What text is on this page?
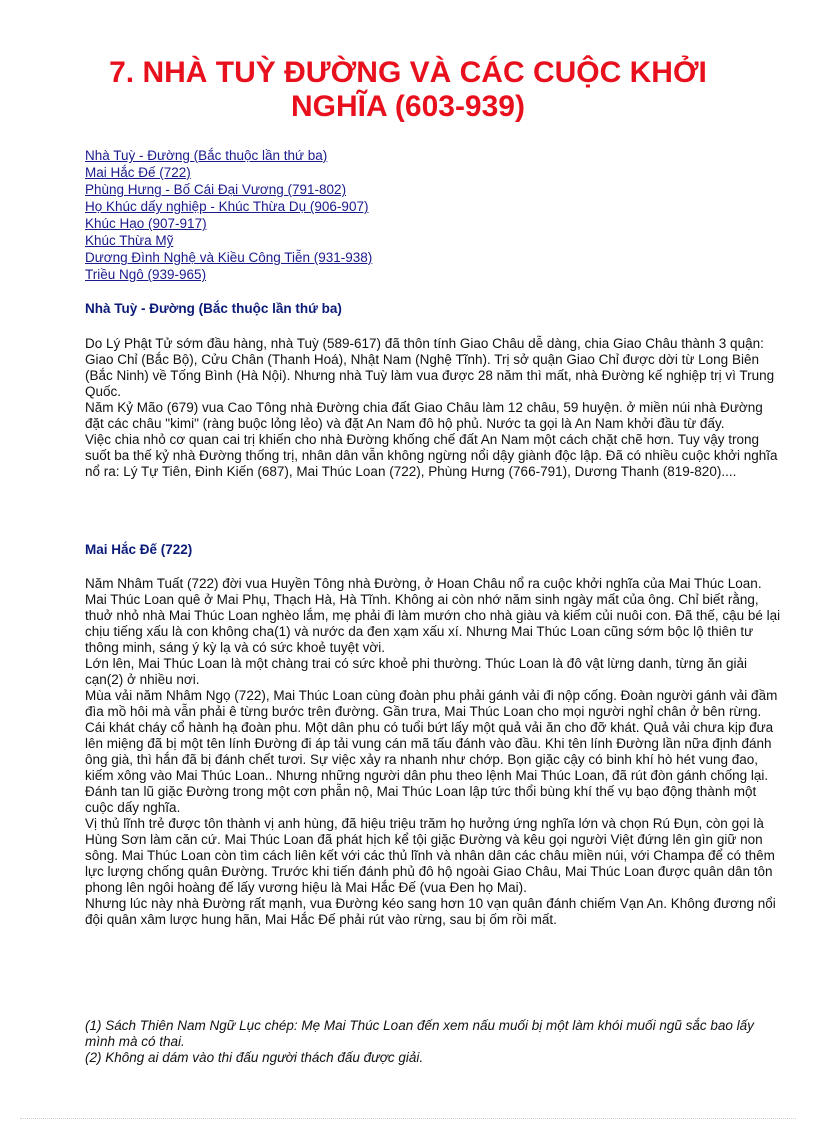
7. NHÀ TUỲ ĐƯỜNG VÀ CÁC CUỘC KHỞI NGHĨA (603-939)
Nhà Tuỳ - Đường (Bắc thuộc lần thứ ba)
Mai Hắc Đế (722)
Phùng Hưng - Bố Cái Đại Vương (791-802)
Họ Khúc dấy nghiệp - Khúc Thừa Dụ (906-907)
Khúc Hạo (907-917)
Khúc Thừa Mỹ
Dương Đình Nghệ và Kiều Công Tiễn (931-938)
Triều Ngô (939-965)
Nhà Tuỳ - Đường (Bắc thuộc lần thứ ba)

Do Lý Phật Tử sớm đầu hàng, nhà Tuỳ (589-617) đã thôn tính Giao Châu dễ dàng, chia Giao Châu thành 3 quận: Giao Chỉ (Bắc Bộ), Cửu Chân (Thanh Hoá), Nhật Nam (Nghệ Tĩnh). Trị sở quận Giao Chỉ được dời từ Long Biên (Bắc Ninh) về Tống Bình (Hà Nội). Nhưng nhà Tuỳ làm vua được 28 năm thì mất, nhà Đường kế nghiệp trị vì Trung Quốc.

Năm Kỷ Mão (679) vua Cao Tông nhà Đường chia đất Giao Châu làm 12 châu, 59 huyện. ở miền núi nhà Đường đặt các châu "kimi" (ràng buộc lỏng lẻo) và đặt An Nam đô hộ phủ. Nước ta gọi là An Nam khởi đầu từ đấy.

Việc chia nhỏ cơ quan cai trị khiến cho nhà Đường khống chế đất An Nam một cách chặt chẽ hơn. Tuy vậy trong suốt ba thế kỷ nhà Đường thống trị, nhân dân vẫn không ngừng nổi dậy giành độc lập. Đã có nhiều cuộc khởi nghĩa nổ ra: Lý Tự Tiên, Đinh Kiến (687), Mai Thúc Loan (722), Phùng Hưng (766-791), Dương Thanh (819-820)....

Mai Hắc Đế (722)

Năm Nhâm Tuất (722) đời vua Huyền Tông nhà Đường, ở Hoan Châu nổ ra cuộc khởi nghĩa của Mai Thúc Loan. Mai Thúc Loan quê ở Mai Phụ, Thạch Hà, Hà Tĩnh. Không ai còn nhớ năm sinh ngày mất của ông. Chỉ biết rằng, thuở nhỏ nhà Mai Thúc Loan nghèo lắm, mẹ phải đi làm mướn cho nhà giàu và kiếm củi nuôi con. Đã thế, cậu bé lại chịu tiếng xấu là con không cha(1) và nước da đen xạm xấu xí. Nhưng Mai Thúc Loan cũng sớm bộc lộ thiên tư thông minh, sáng ý kỳ lạ và có sức khoẻ tuyệt vời.

Lớn lên, Mai Thúc Loan là một chàng trai có sức khoẻ phi thường. Thúc Loan là đô vật lừng danh, từng ăn giải cạn(2) ở nhiều nơi.

Mùa vải năm Nhâm Ngọ (722), Mai Thúc Loan cùng đoàn phu phải gánh vải đi nộp cống. Đoàn người gánh vải đầm đìa mồ hôi mà vẫn phải ê từng bước trên đường. Gần trưa, Mai Thúc Loan cho mọi người nghỉ chân ở bên rừng. Cái khát cháy cổ hành hạ đoàn phu. Một dân phu có tuổi bứt lấy một quả vải ăn cho đỡ khát. Quả vải chưa kịp đưa lên miệng đã bị một tên lính Đường đi áp tải vung cán mã tấu đánh vào đầu. Khi tên lính Đường lần nữa định đánh ông già, thì hắn đã bị đánh chết tươi. Sự việc xảy ra nhanh như chớp. Bọn giặc cậy có binh khí hò hét vung đao, kiếm xông vào Mai Thúc Loan.. Nhưng những người dân phu theo lệnh Mai Thúc Loan, đã rút đòn gánh chống lại. Đánh tan lũ giặc Đường trong một cơn phẫn nộ, Mai Thúc Loan lập tức thổi bùng khí thế vụ bạo động thành một cuộc dấy nghĩa.

Vị thủ lĩnh trẻ được tôn thành vị anh hùng, đã hiệu triệu trăm họ hưởng ứng nghĩa lớn và chọn Rú Đụn, còn gọi là Hùng Sơn làm căn cứ. Mai Thúc Loan đã phát hịch kể tội giặc Đường và kêu gọi người Việt đứng lên gìn giữ non sông. Mai Thúc Loan còn tìm cách liên kết với các thủ lĩnh và nhân dân các châu miền núi, với Champa để có thêm lực lượng chống quân Đường. Trước khi tiến đánh phủ đô hộ ngoài Giao Châu, Mai Thúc Loan được quân dân tôn phong lên ngôi hoàng đế lấy vương hiệu là Mai Hắc Đế (vua Đen họ Mai).

Nhưng lúc này nhà Đường rất mạnh, vua Đường kéo sang hơn 10 vạn quân đánh chiếm Vạn An. Không đương nổi đội quân xâm lược hung hãn, Mai Hắc Đế phải rút vào rừng, sau bị ốm rồi mất.

(1) Sách Thiên Nam Ngữ Lục chép: Mẹ Mai Thúc Loan đến xem nấu muối bị một làm khói muối ngũ sắc bao lấy mình mà có thai.

(2) Không ai dám vào thi đấu người thách đấu được giải.
